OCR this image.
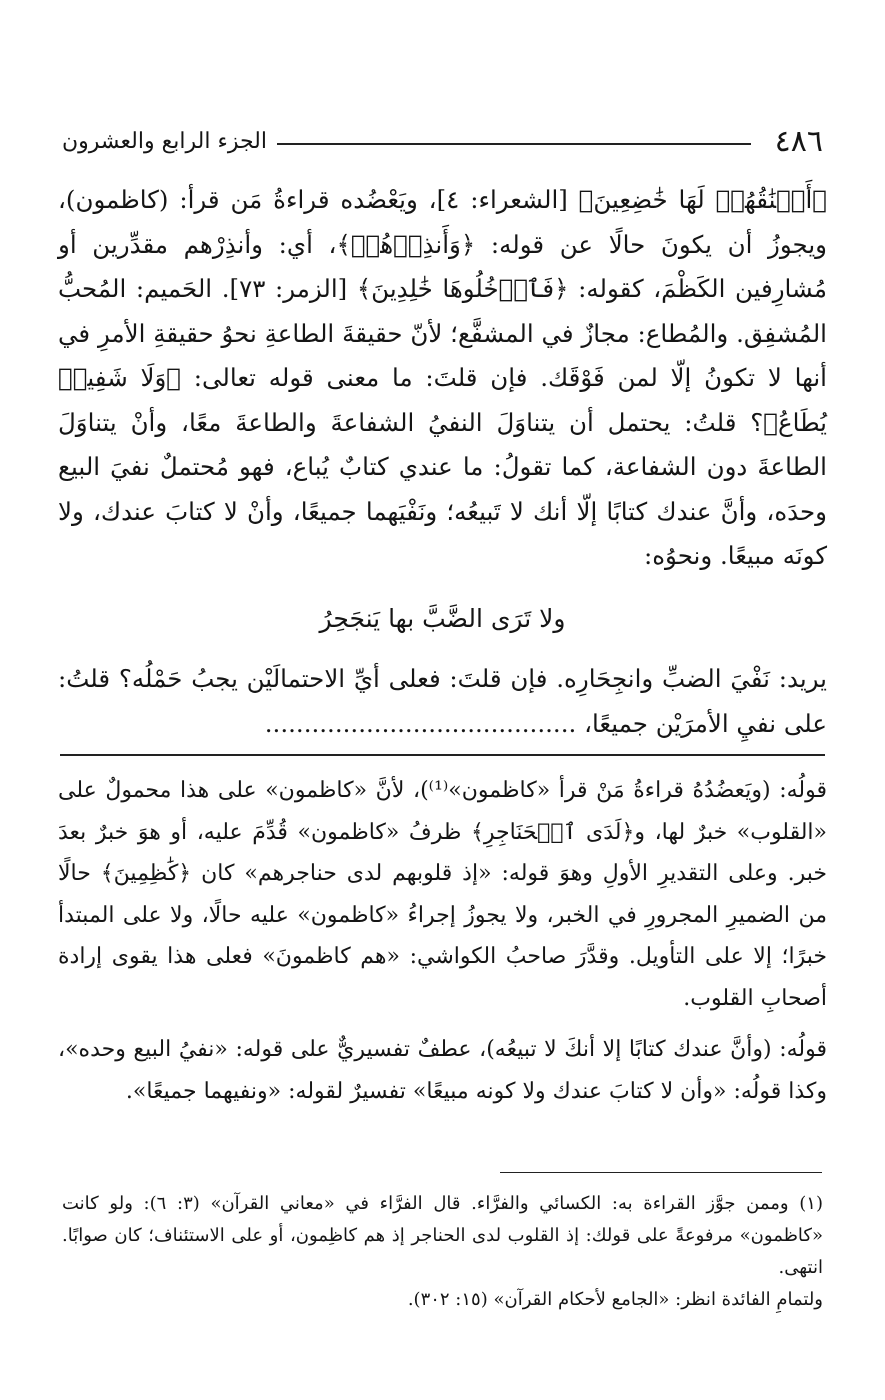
٤٨٦
الجزء الرابع والعشرون

﴿أَعۡنَٰقُهُمۡ لَهَا خَٰضِعِينَ﴾ [الشعراء: ٤]، ويَعْضُده قراءةُ مَن قرأ: (كاظمون)، ويجوزُ أن يكونَ حالًا عن قوله: ﴿وَأَنذِرۡهُمۡ﴾، أي: وأنذِرْهم مقدِّرين أو مُشارِفين الكَظْمَ، كقوله: ﴿فَٱدۡخُلُوهَا خَٰلِدِينَ﴾ [الزمر: ٧٣]. الحَميم: المُحبُّ المُشفِق. والمُطاع: مجازٌ في المشفَّع؛ لأنّ حقيقةَ الطاعةِ نحوُ حقيقةِ الأمرِ في أنها لا تكونُ إلّا لمن فَوْقَك. فإن قلتَ: ما معنى قوله تعالى: ﴿وَلَا شَفِيعٖ يُطَاعُ﴾؟ قلتُ: يحتمل أن يتناوَلَ النفيُ الشفاعةَ والطاعةَ معًا، وأنْ يتناوَلَ الطاعةَ دون الشفاعة، كما تقولُ: ما عندي كتابٌ يُباع، فهو مُحتملٌ نفيَ البيع وحدَه، وأنَّ عندك كتابًا إلّا أنك لا تَبيعُه؛ ونَفْيَهما جميعًا، وأنْ لا كتابَ عندك، ولا كونَه مبيعًا. ونحوُه:

ولا تَرَى الضَّبَّ بها يَنجَحِرُ

يريد: نَفْيَ الضبِّ وانجِحَارِه. فإن قلتَ: فعلى أيِّ الاحتمالَيْن يجبُ حَمْلُه؟ قلتُ: على نفيِ الأمرَيْن جميعًا، ........................................

قولُه: (ويَعضُدُهُ قراءةُ مَنْ قرأ «كاظمون»⁽¹⁾)، لأنَّ «كاظمون» على هذا محمولٌ على «القلوب» خبرٌ لها، و﴿لَدَى ٱلۡحَنَاجِرِ﴾ ظرفُ «كاظمون» قُدِّمَ عليه، أو هوَ خبرٌ بعدَ خبر. وعلى التقديرِ الأولِ وهوَ قوله: «إذ قلوبهم لدى حناجرهم» كان ﴿كَٰظِمِينَ﴾ حالًا من الضميرِ المجرورِ في الخبر، ولا يجوزُ إجراءُ «كاظمون» عليه حالًا، ولا على المبتدأ خبرًا؛ إلا على التأويل. وقدَّرَ صاحبُ الكواشي: «هم كاظمونَ» فعلى هذا يقوى إرادة أصحابِ القلوب.

قولُه: (وأنَّ عندك كتابًا إلا أنكَ لا تبيعُه)، عطفٌ تفسيريٌّ على قوله: «نفيُ البيع وحده»، وكذا قولُه: «وأن لا كتابَ عندك ولا كونه مبيعًا» تفسيرٌ لقوله: «ونفيهما جميعًا».

(١) وممن جوَّز القراءة به: الكسائي والفرَّاء. قال الفرَّاء في «معاني القرآن» (٣: ٦): ولو كانت «كاظمون» مرفوعةً على قولك: إذ القلوب لدى الحناجر إذ هم كاظِمون، أو على الاستئناف؛ كان صوابًا. انتهى.

ولتمامِ الفائدة انظر: «الجامع لأحكام القرآن» (١٥: ٣٠٢).
